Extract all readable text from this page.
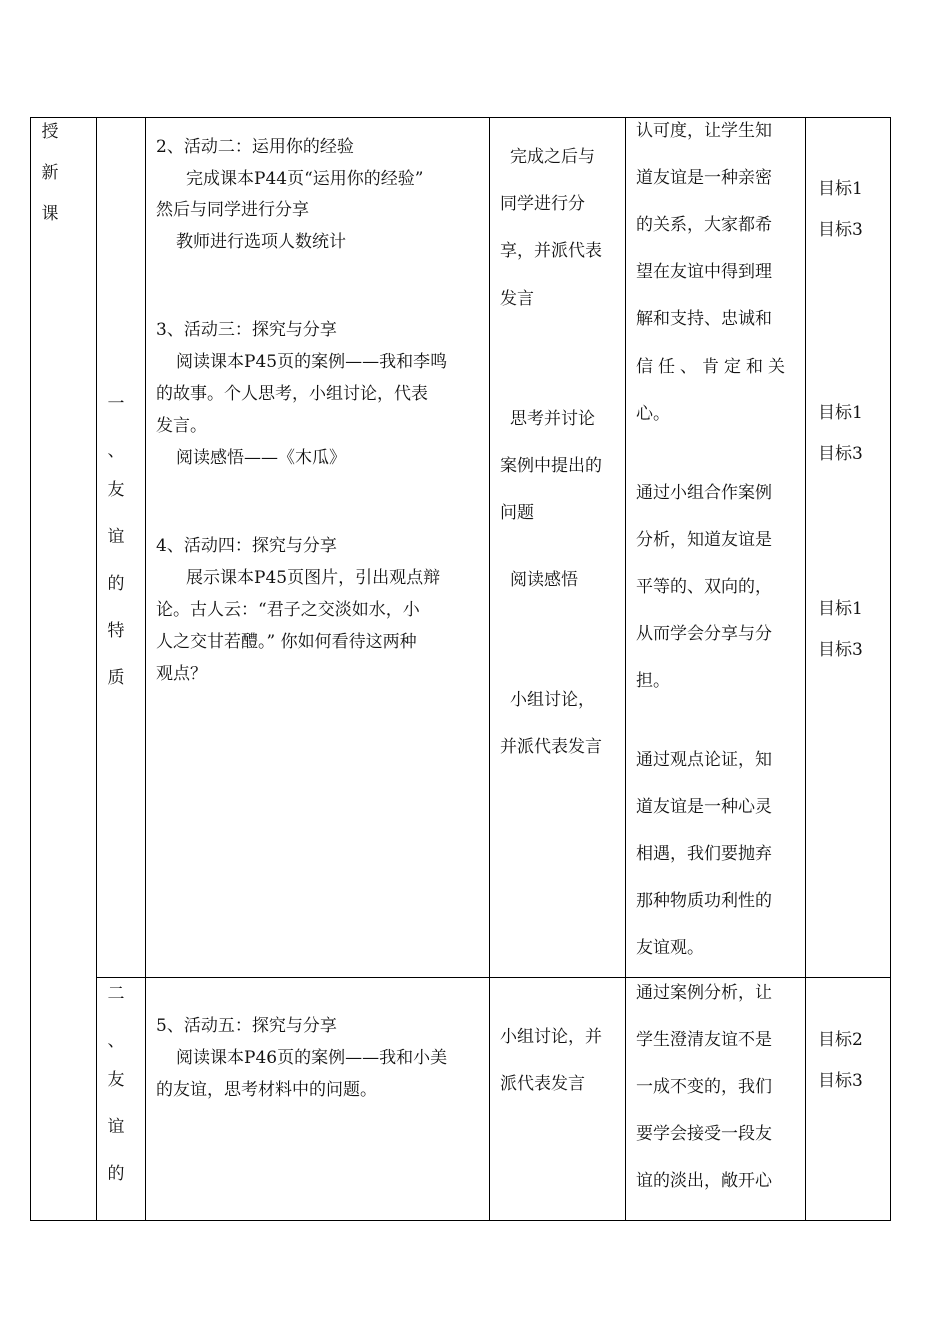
授
新
课
一
、
友
谊
的
特
质
2、活动二：运用你的经验
完成课本P44页“运用你的经验”
然后与同学进行分享
教师进行选项人数统计
3、活动三：探究与分享
阅读课本P45页的案例——我和李鸣
的故事。个人思考，小组讨论，代表
发言。
阅读感悟——《木瓜》
4、活动四：探究与分享
展示课本P45页图片，引出观点辩
论。古人云：“君子之交淡如水，小
人之交甘若醴。” 你如何看待这两种
观点？
完成之后与
同学进行分
享，并派代表
发言
思考并讨论
案例中提出的
问题
阅读感悟
小组讨论，
并派代表发言
认可度，让学生知
道友谊是一种亲密
的关系，大家都希
望在友谊中得到理
解和支持、忠诚和
信任、肯定和关
心。
通过小组合作案例
分析，知道友谊是
平等的、双向的，
从而学会分享与分
担。
通过观点论证，知
道友谊是一种心灵
相遇，我们要抛弃
那种物质功利性的
友谊观。
目标1
目标3
目标1
目标3
目标1
目标3
二
、
友
谊
的
5、活动五：探究与分享
阅读课本P46页的案例——我和小美
的友谊，思考材料中的问题。
小组讨论，并
派代表发言
通过案例分析，让
学生澄清友谊不是
一成不变的，我们
要学会接受一段友
谊的淡出，敞开心
目标2
目标3
